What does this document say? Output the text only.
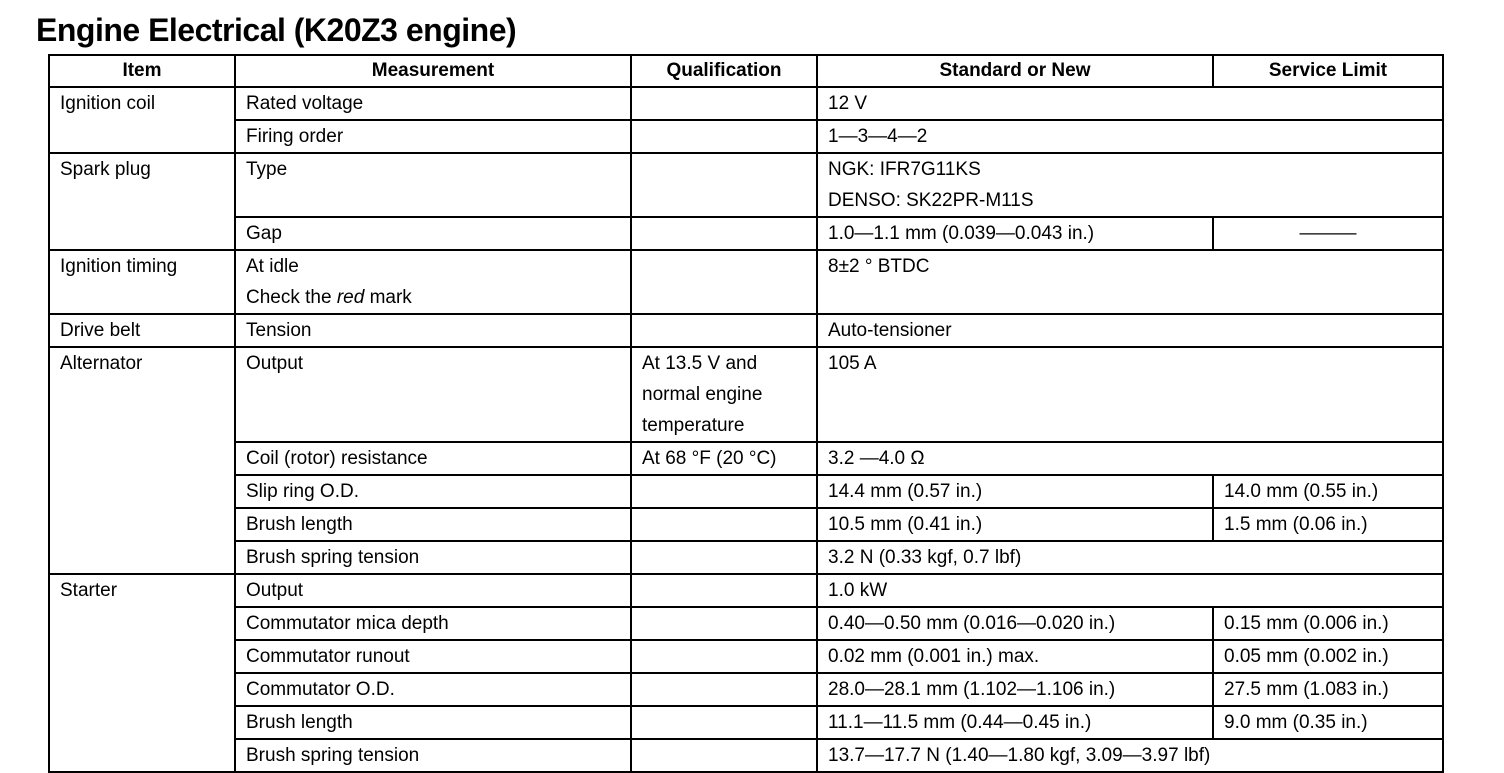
Engine Electrical (K20Z3 engine)
Item	Measurement	Qualification	Standard or New	Service Limit
Ignition coil	Rated voltage		12 V	
	Firing order		1—3—4—2	
Spark plug	Type		NGK: IFR7G11KS
DENSO: SK22PR-M11S	

	Gap		1.0—1.1 mm (0.039—0.043 in.)	———
Ignition timing	At idle
Check the red mark		8±2 ° BTDC	
Drive belt	Tension		Auto-tensioner	
Alternator	Output	At 13.5 V and
normal engine
temperature	105 A	
	Coil (rotor) resistance	At 68 °F (20 °C)	3.2 —4.0 Ω	
	Slip ring O.D.		14.4 mm (0.57 in.)	14.0 mm (0.55 in.)
	Brush length		10.5 mm (0.41 in.)	1.5 mm (0.06 in.)
	Brush spring tension		3.2 N (0.33 kgf, 0.7 lbf)	
Starter	Output		1.0 kW	
	Commutator mica depth		0.40—0.50 mm (0.016—0.020 in.)	0.15 mm (0.006 in.)
	Commutator runout		0.02 mm (0.001 in.) max.	0.05 mm (0.002 in.)
	Commutator O.D.		28.0—28.1 mm (1.102—1.106 in.)	27.5 mm (1.083 in.)
	Brush length		11.1—11.5 mm (0.44—0.45 in.)	9.0 mm (0.35 in.)
	Brush spring tension		13.7—17.7 N (1.40—1.80 kgf, 3.09—3.97 lbf)	
